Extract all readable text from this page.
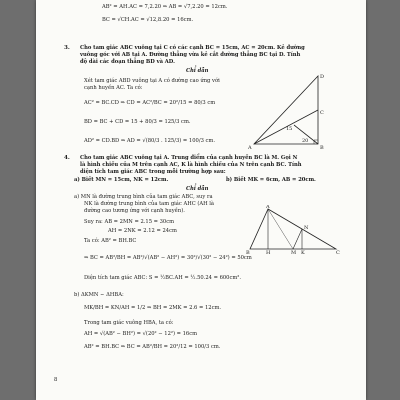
AB² = AH.AC = 7,2.20 ⇒ AB = √7,2.20 = 12cm.
BC = √CH.AC = √12,8.20 = 16cm.
3. Cho tam giác ABC vuông tại C có các cạnh BC = 15cm, AC = 20cm. Kẻ đường
vuông góc với AB tại A. Đường thẳng vừa kẻ cắt đường thẳng BC tại D. Tính
độ dài các đoạn thẳng BD và AD.
Chỉ dẫn
Xét tam giác ABD vuông tại A có đường cao ứng với
cạnh huyền AC. Ta có:
AC² = BC.CD ⇒ CD = AC²/BC = 20²/15 = 80/3 cm
BD = BC + CD = 15 + 80/3 = 125/3 cm.
AD² = CD.BD ⇒ AD = √(80/3 . 125/3) = 100/3 cm.
D
C
B
A
15
20
4. Cho tam giác ABC vuông tại A. Trung điểm của cạnh huyền BC là M. Gọi N
là hình chiếu của M trên cạnh AC, K là hình chiếu của N trên cạnh BC. Tính
diện tích tam giác ABC trong mỗi trường hợp sau:
a) Biết MN = 15cm, NK = 12cm.	b) Biết MK = 6cm, AB = 20cm.
Chỉ dẫn
a) MN là đường trung bình của tam giác ABC, suy ra
NK là đường trung bình của tam giác AHC (AH là
đường cao tương ứng với cạnh huyền).
Suy ra: AB = 2MN = 2.15 = 30cm
AH = 2NK = 2.12 = 24cm
Ta có: AB² = BH.BC
⇒ BC = AB²/BH = AB²/√(AB² − AH²) = 30²/√(30² − 24²) = 50cm
Diện tích tam giác ABC: S = ½BC.AH = ½.50.24 = 600cm².
A
B	C
H	M
N
K
b) ΔKMN ∽ ΔHBA:
MK/BH = KN/AH = 1/2 ⇒ BH = 2MK = 2.6 = 12cm.
Trong tam giác vuông HBA, ta có:
AH = √(AB² − BH²) = √(20² − 12²) = 16cm
AB² = BH.BC ⇒ BC = AB²/BH = 20²/12 = 100/3 cm.
8
